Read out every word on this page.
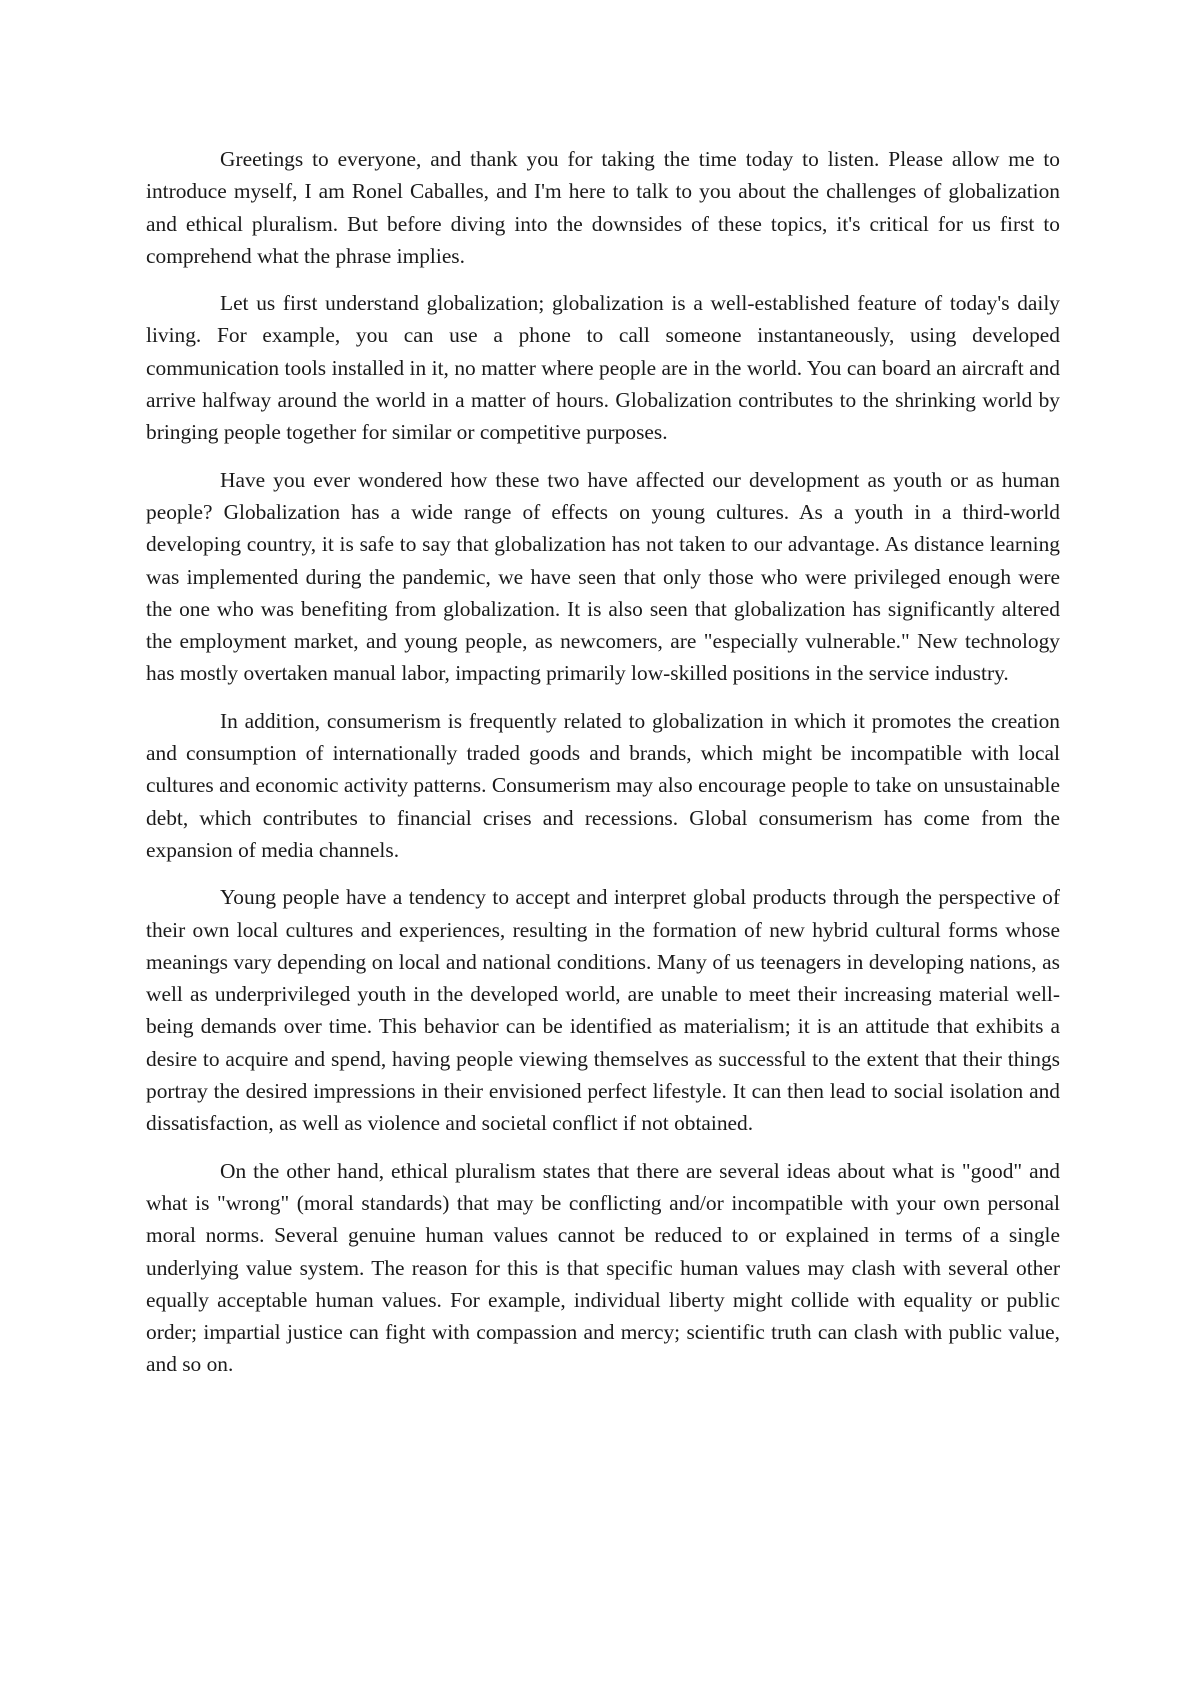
Greetings to everyone, and thank you for taking the time today to listen. Please allow me to introduce myself, I am Ronel Caballes, and I'm here to talk to you about the challenges of globalization and ethical pluralism. But before diving into the downsides of these topics, it's critical for us first to comprehend what the phrase implies.

Let us first understand globalization; globalization is a well-established feature of today's daily living. For example, you can use a phone to call someone instantaneously, using developed communication tools installed in it, no matter where people are in the world. You can board an aircraft and arrive halfway around the world in a matter of hours. Globalization contributes to the shrinking world by bringing people together for similar or competitive purposes.

Have you ever wondered how these two have affected our development as youth or as human people? Globalization has a wide range of effects on young cultures. As a youth in a third-world developing country, it is safe to say that globalization has not taken to our advantage. As distance learning was implemented during the pandemic, we have seen that only those who were privileged enough were the one who was benefiting from globalization. It is also seen that globalization has significantly altered the employment market, and young people, as newcomers, are "especially vulnerable." New technology has mostly overtaken manual labor, impacting primarily low-skilled positions in the service industry.

In addition, consumerism is frequently related to globalization in which it promotes the creation and consumption of internationally traded goods and brands, which might be incompatible with local cultures and economic activity patterns. Consumerism may also encourage people to take on unsustainable debt, which contributes to financial crises and recessions. Global consumerism has come from the expansion of media channels.

Young people have a tendency to accept and interpret global products through the perspective of their own local cultures and experiences, resulting in the formation of new hybrid cultural forms whose meanings vary depending on local and national conditions. Many of us teenagers in developing nations, as well as underprivileged youth in the developed world, are unable to meet their increasing material well-being demands over time. This behavior can be identified as materialism; it is an attitude that exhibits a desire to acquire and spend, having people viewing themselves as successful to the extent that their things portray the desired impressions in their envisioned perfect lifestyle. It can then lead to social isolation and dissatisfaction, as well as violence and societal conflict if not obtained.

On the other hand, ethical pluralism states that there are several ideas about what is "good" and what is "wrong" (moral standards) that may be conflicting and/or incompatible with your own personal moral norms. Several genuine human values cannot be reduced to or explained in terms of a single underlying value system. The reason for this is that specific human values may clash with several other equally acceptable human values. For example, individual liberty might collide with equality or public order; impartial justice can fight with compassion and mercy; scientific truth can clash with public value, and so on.
